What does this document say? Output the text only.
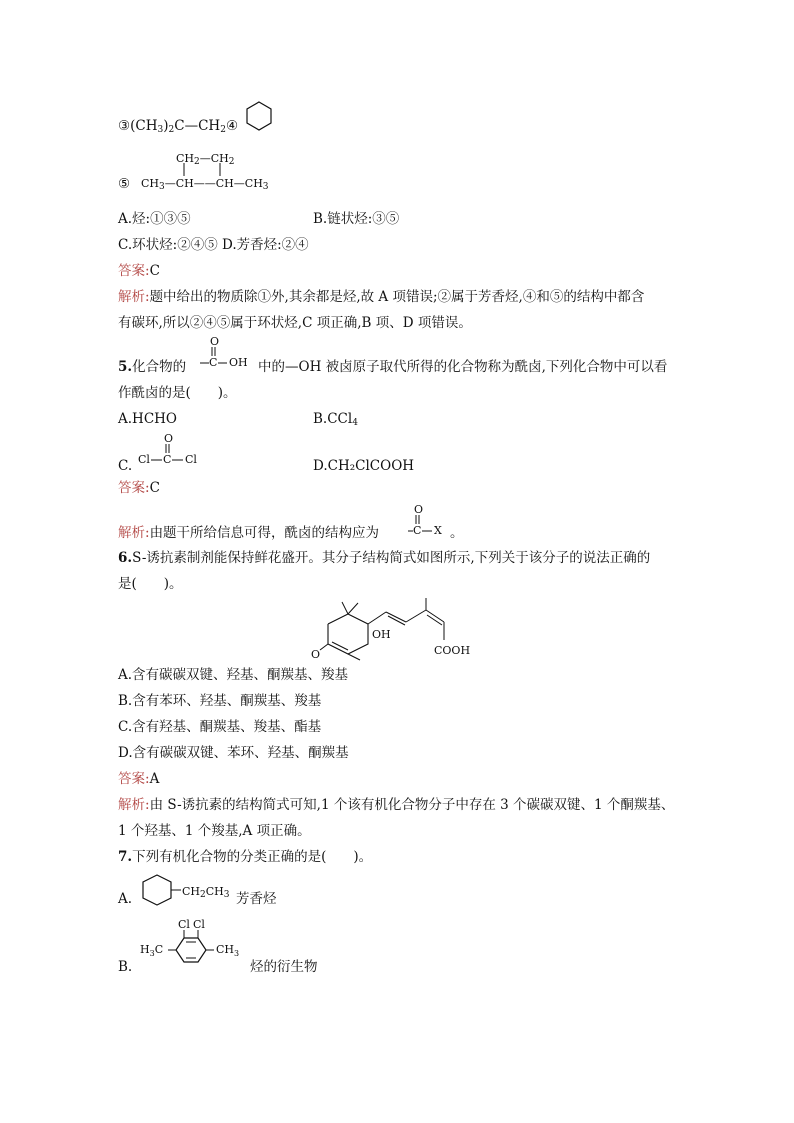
$③(CH_3)_2C—CH_2$ ④
⑤
$CH_2—CH_2$
$CH_3—CH——CH—CH_3$
A.烃:①③⑤	B.链状烃:③⑤
C.环状烃:②④⑤ D.芳香烃:②④
答案:C
解析:题中给出的物质除①外,其余都是烃,故 A 项错误;②属于芳香烃,④和⑤的结构中都含
有碳环,所以②④⑤属于环状烃,C 项正确,B 项、D 项错误。
O
C OH
5.化合物的	中的—OH 被卤原子取代所得的化合物称为酰卤,下列化合物中可以看
作酰卤的是(　　)。
A.HCHO	B.CCl$_4$
C.
O
Cl C Cl	D.CH₂ClCOOH
答案:C
解析:由题干所给信息可得，酰卤的结构应为
O
C X 。
6.S-诱抗素制剂能保持鲜花盛开。其分子结构简式如图所示,下列关于该分子的说法正确的
是(　　)。
O
OH
COOH
A.含有碳碳双键、羟基、酮羰基、羧基
B.含有苯环、羟基、酮羰基、羧基
C.含有羟基、酮羰基、羧基、酯基
D.含有碳碳双键、苯环、羟基、酮羰基
答案:A
解析:由 S-诱抗素的结构简式可知,1 个该有机化合物分子中存在 3 个碳碳双键、1 个酮羰基、
1 个羟基、1 个羧基,A 项正确。
7.下列有机化合物的分类正确的是(　　)。
A.	$CH_2CH_3$ 芳香烃
B.
Cl Cl
$H_3C$	$CH_3$
烃的衍生物
